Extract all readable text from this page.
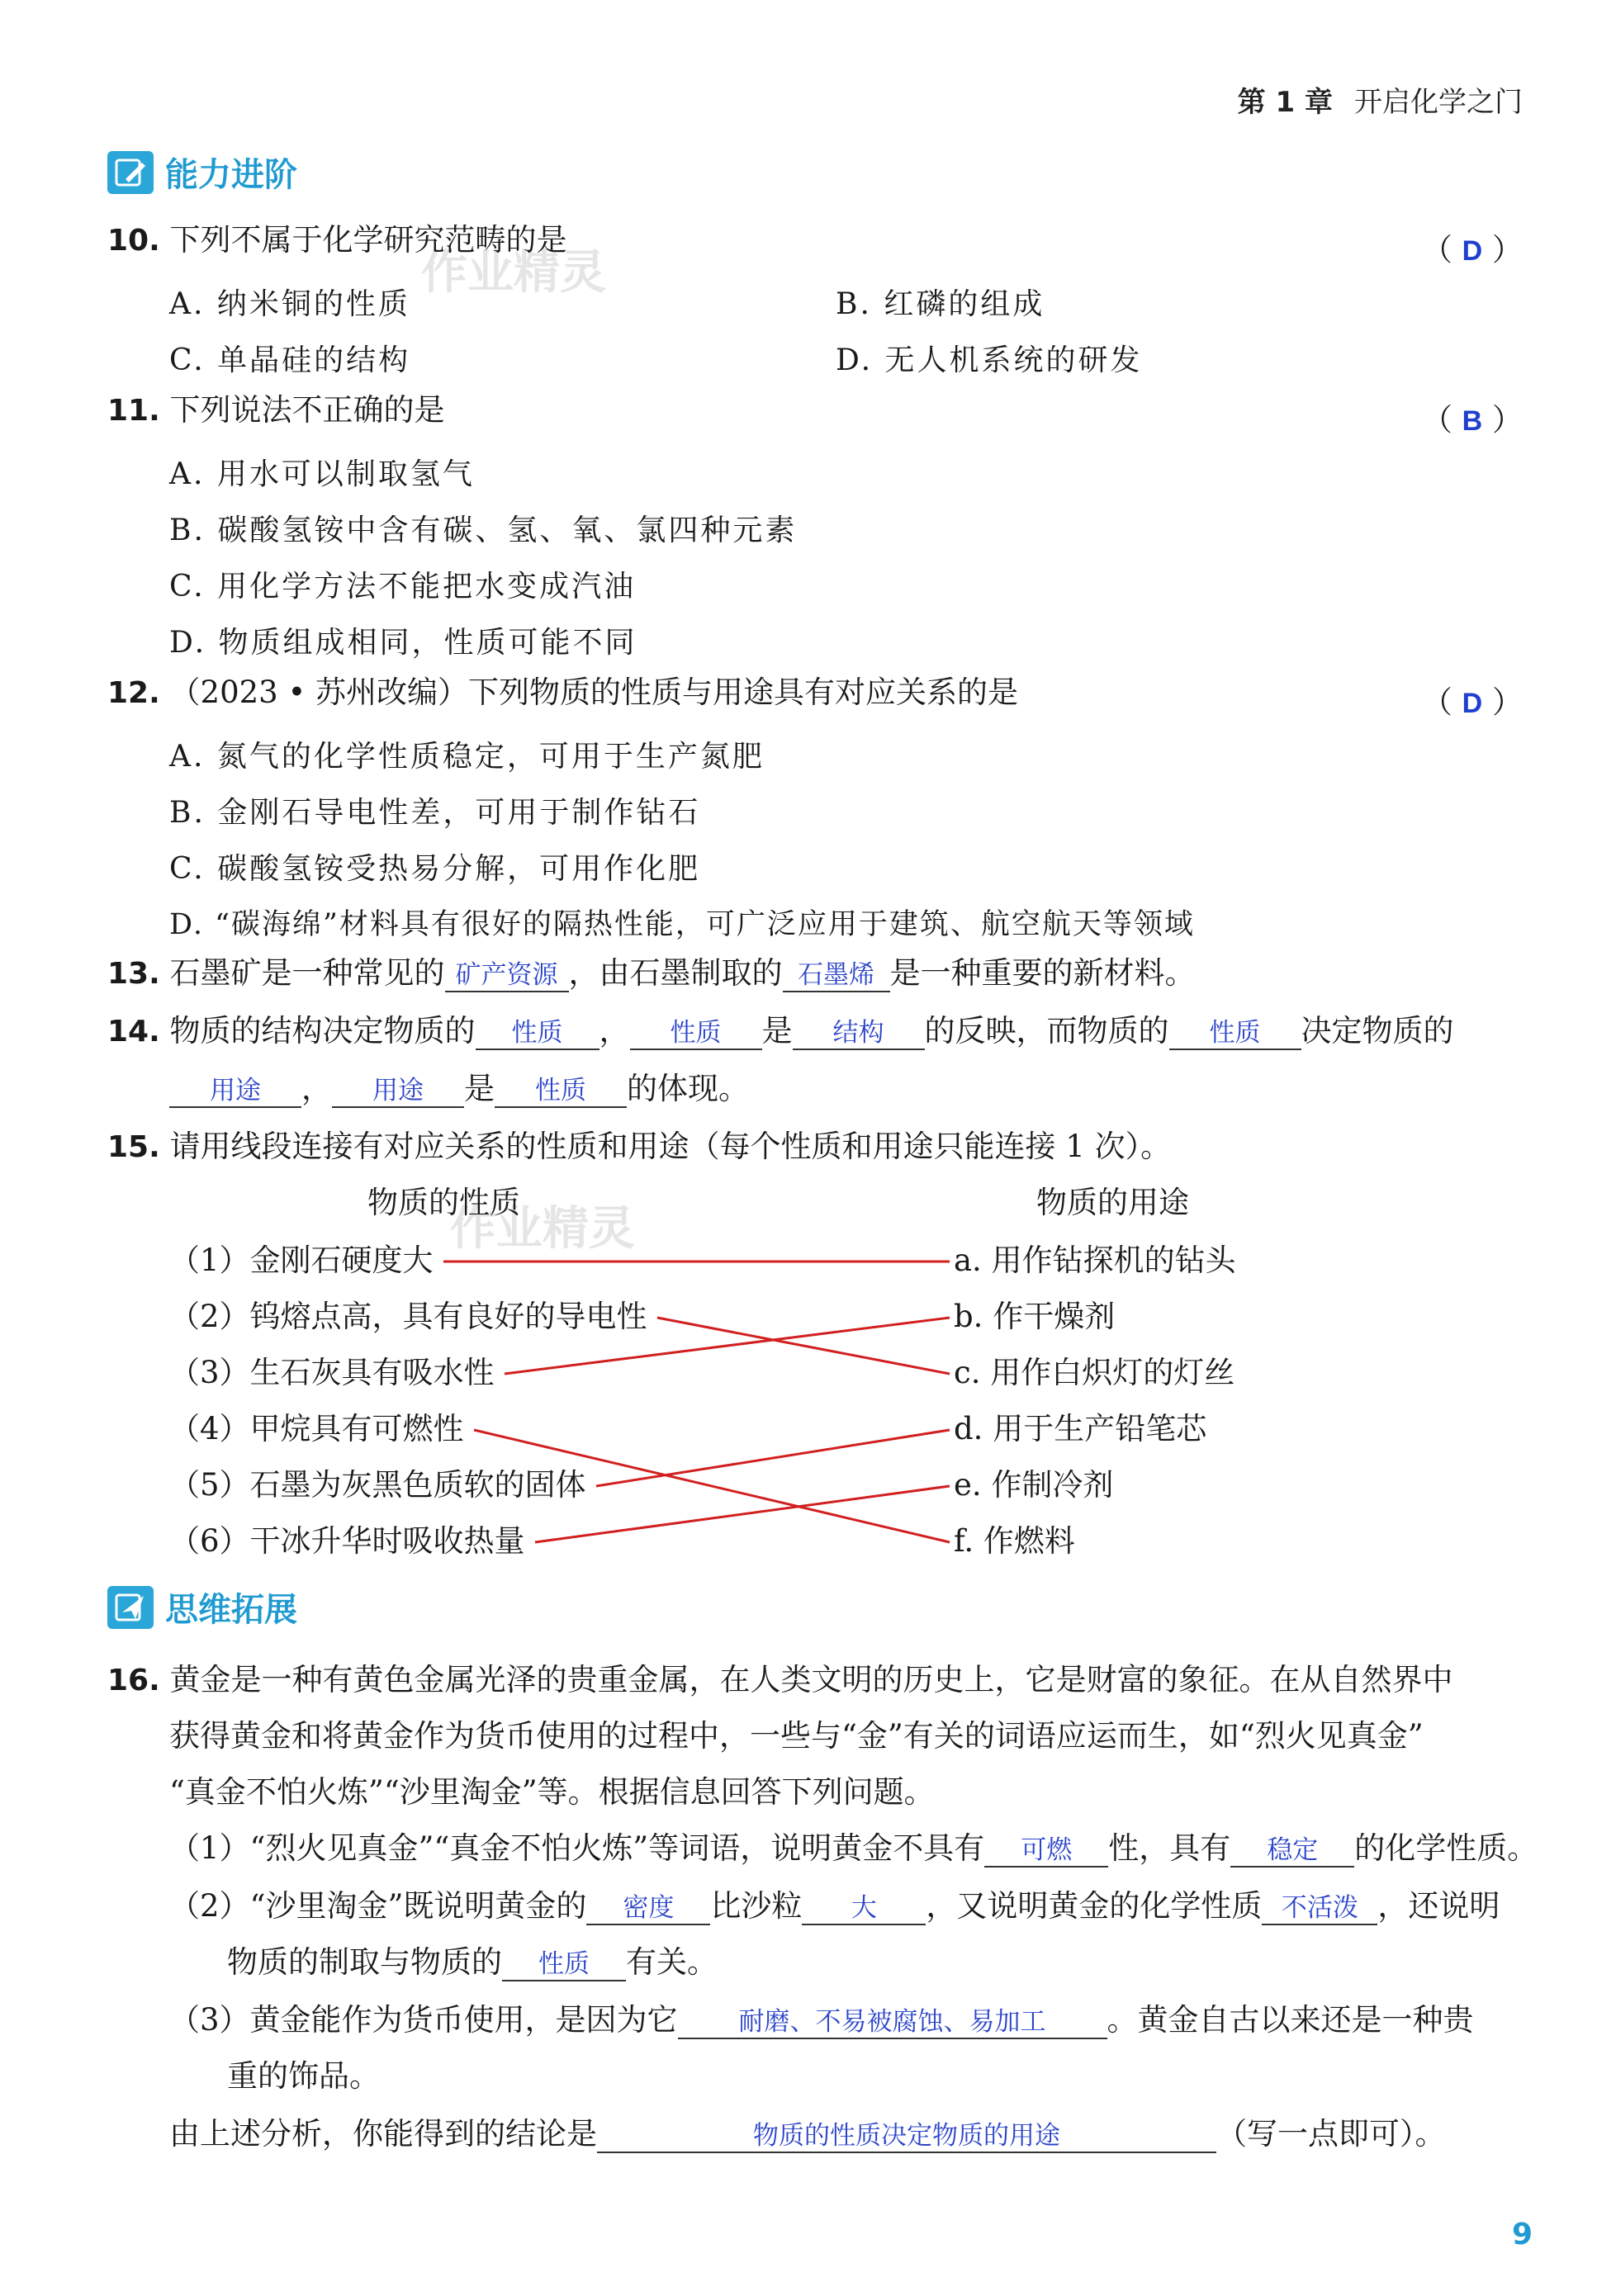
第 1 章 开启化学之门
能力进阶
作业精灵
作业精灵
10. 下列不属于化学研究范畴的是	（ D ）
A. 纳米铜的性质	B. 红磷的组成
C. 单晶硅的结构	D. 无人机系统的研发
11. 下列说法不正确的是	（ B ）
A. 用水可以制取氢气
B. 碳酸氢铵中含有碳、氢、氧、氯四种元素
C. 用化学方法不能把水变成汽油
D. 物质组成相同，性质可能不同
12. （2023 • 苏州改编）下列物质的性质与用途具有对应关系的是	（ D ）
A. 氮气的化学性质稳定，可用于生产氮肥
B. 金刚石导电性差，可用于制作钻石
C. 碳酸氢铵受热易分解，可用作化肥
D. “碳海绵”材料具有很好的隔热性能，可广泛应用于建筑、航空航天等领域
13. 石墨矿是一种常见的 矿产资源 ，由石墨制取的 石墨烯 是一种重要的新材料。
14. 物质的结构决定物质的 性质 ， 性质 是 结构 的反映，而物质的 性质 决定物质的
用途 ， 用途 是 性质 的体现。
15. 请用线段连接有对应关系的性质和用途（每个性质和用途只能连接 1 次）。
物质的性质	物质的用途
（1）金刚石硬度大
（2）钨熔点高，具有良好的导电性
（3）生石灰具有吸水性
（4）甲烷具有可燃性
（5）石墨为灰黑色质软的固体
（6）干冰升华时吸收热量
a. 用作钻探机的钻头
b. 作干燥剂
c. 用作白炽灯的灯丝
d. 用于生产铅笔芯
e. 作制冷剂
f. 作燃料
思维拓展
16. 黄金是一种有黄色金属光泽的贵重金属，在人类文明的历史上，它是财富的象征。在从自然界中
获得黄金和将黄金作为货币使用的过程中，一些与“金”有关的词语应运而生，如“烈火见真金”
“真金不怕火炼”“沙里淘金”等。根据信息回答下列问题。
（1）“烈火见真金”“真金不怕火炼”等词语，说明黄金不具有 可燃 性，具有 稳定 的化学性质。
（2）“沙里淘金”既说明黄金的 密度 比沙粒 大 ，又说明黄金的化学性质 不活泼 ，还说明
物质的制取与物质的 性质 有关。
（3）黄金能作为货币使用，是因为它 耐磨、不易被腐蚀、易加工 。黄金自古以来还是一种贵
重的饰品。
由上述分析，你能得到的结论是	物质的性质决定物质的用途	（写一点即可）。
9
